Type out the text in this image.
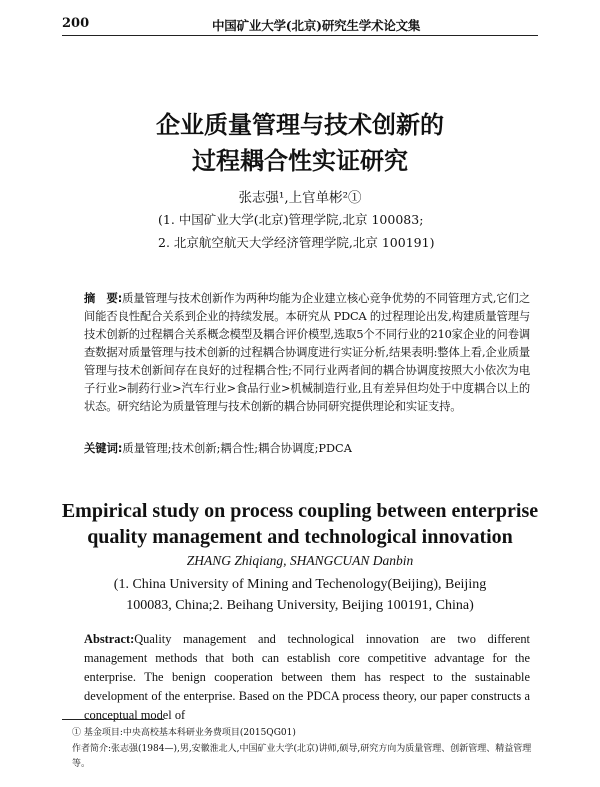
200	中国矿业大学(北京)研究生学术论文集
企业质量管理与技术创新的
过程耦合性实证研究
张志强¹,上官单彬²①
(1. 中国矿业大学(北京)管理学院,北京 100083;
2. 北京航空航天大学经济管理学院,北京 100191)
摘　要:质量管理与技术创新作为两种均能为企业建立核心竞争优势的不同管理方式,它们之间能否良性配合关系到企业的持续发展。本研究从 PDCA 的过程理论出发,构建质量管理与技术创新的过程耦合关系概念模型及耦合评价模型,选取5个不同行业的210家企业的问卷调查数据对质量管理与技术创新的过程耦合协调度进行实证分析,结果表明:整体上看,企业质量管理与技术创新间存在良好的过程耦合性;不同行业两者间的耦合协调度按照大小依次为电子行业>制药行业>汽车行业>食品行业>机械制造行业,且有差异但均处于中度耦合以上的状态。研究结论为质量管理与技术创新的耦合协同研究提供理论和实证支持。
关键词:质量管理;技术创新;耦合性;耦合协调度;PDCA
Empirical study on process coupling between enterprise
quality management and technological innovation
ZHANG Zhiqiang, SHANGCUAN Danbin
(1. China University of Mining and Techenology(Beijing), Beijing
100083, China;2. Beihang University, Beijing 100191, China)
Abstract:Quality management and technological innovation are two different management methods that both can establish core competitive advantage for the enterprise. The benign cooperation between them has respect to the sustainable development of the enterprise. Based on the PDCA process theory, our paper constructs a conceptual model of
① 基金项目:中央高校基本科研业务费项目(2015QG01)
作者简介:张志强(1984—),男,安徽淮北人,中国矿业大学(北京)讲师,硕导,研究方向为质量管理、创新管理、精益管理等。
